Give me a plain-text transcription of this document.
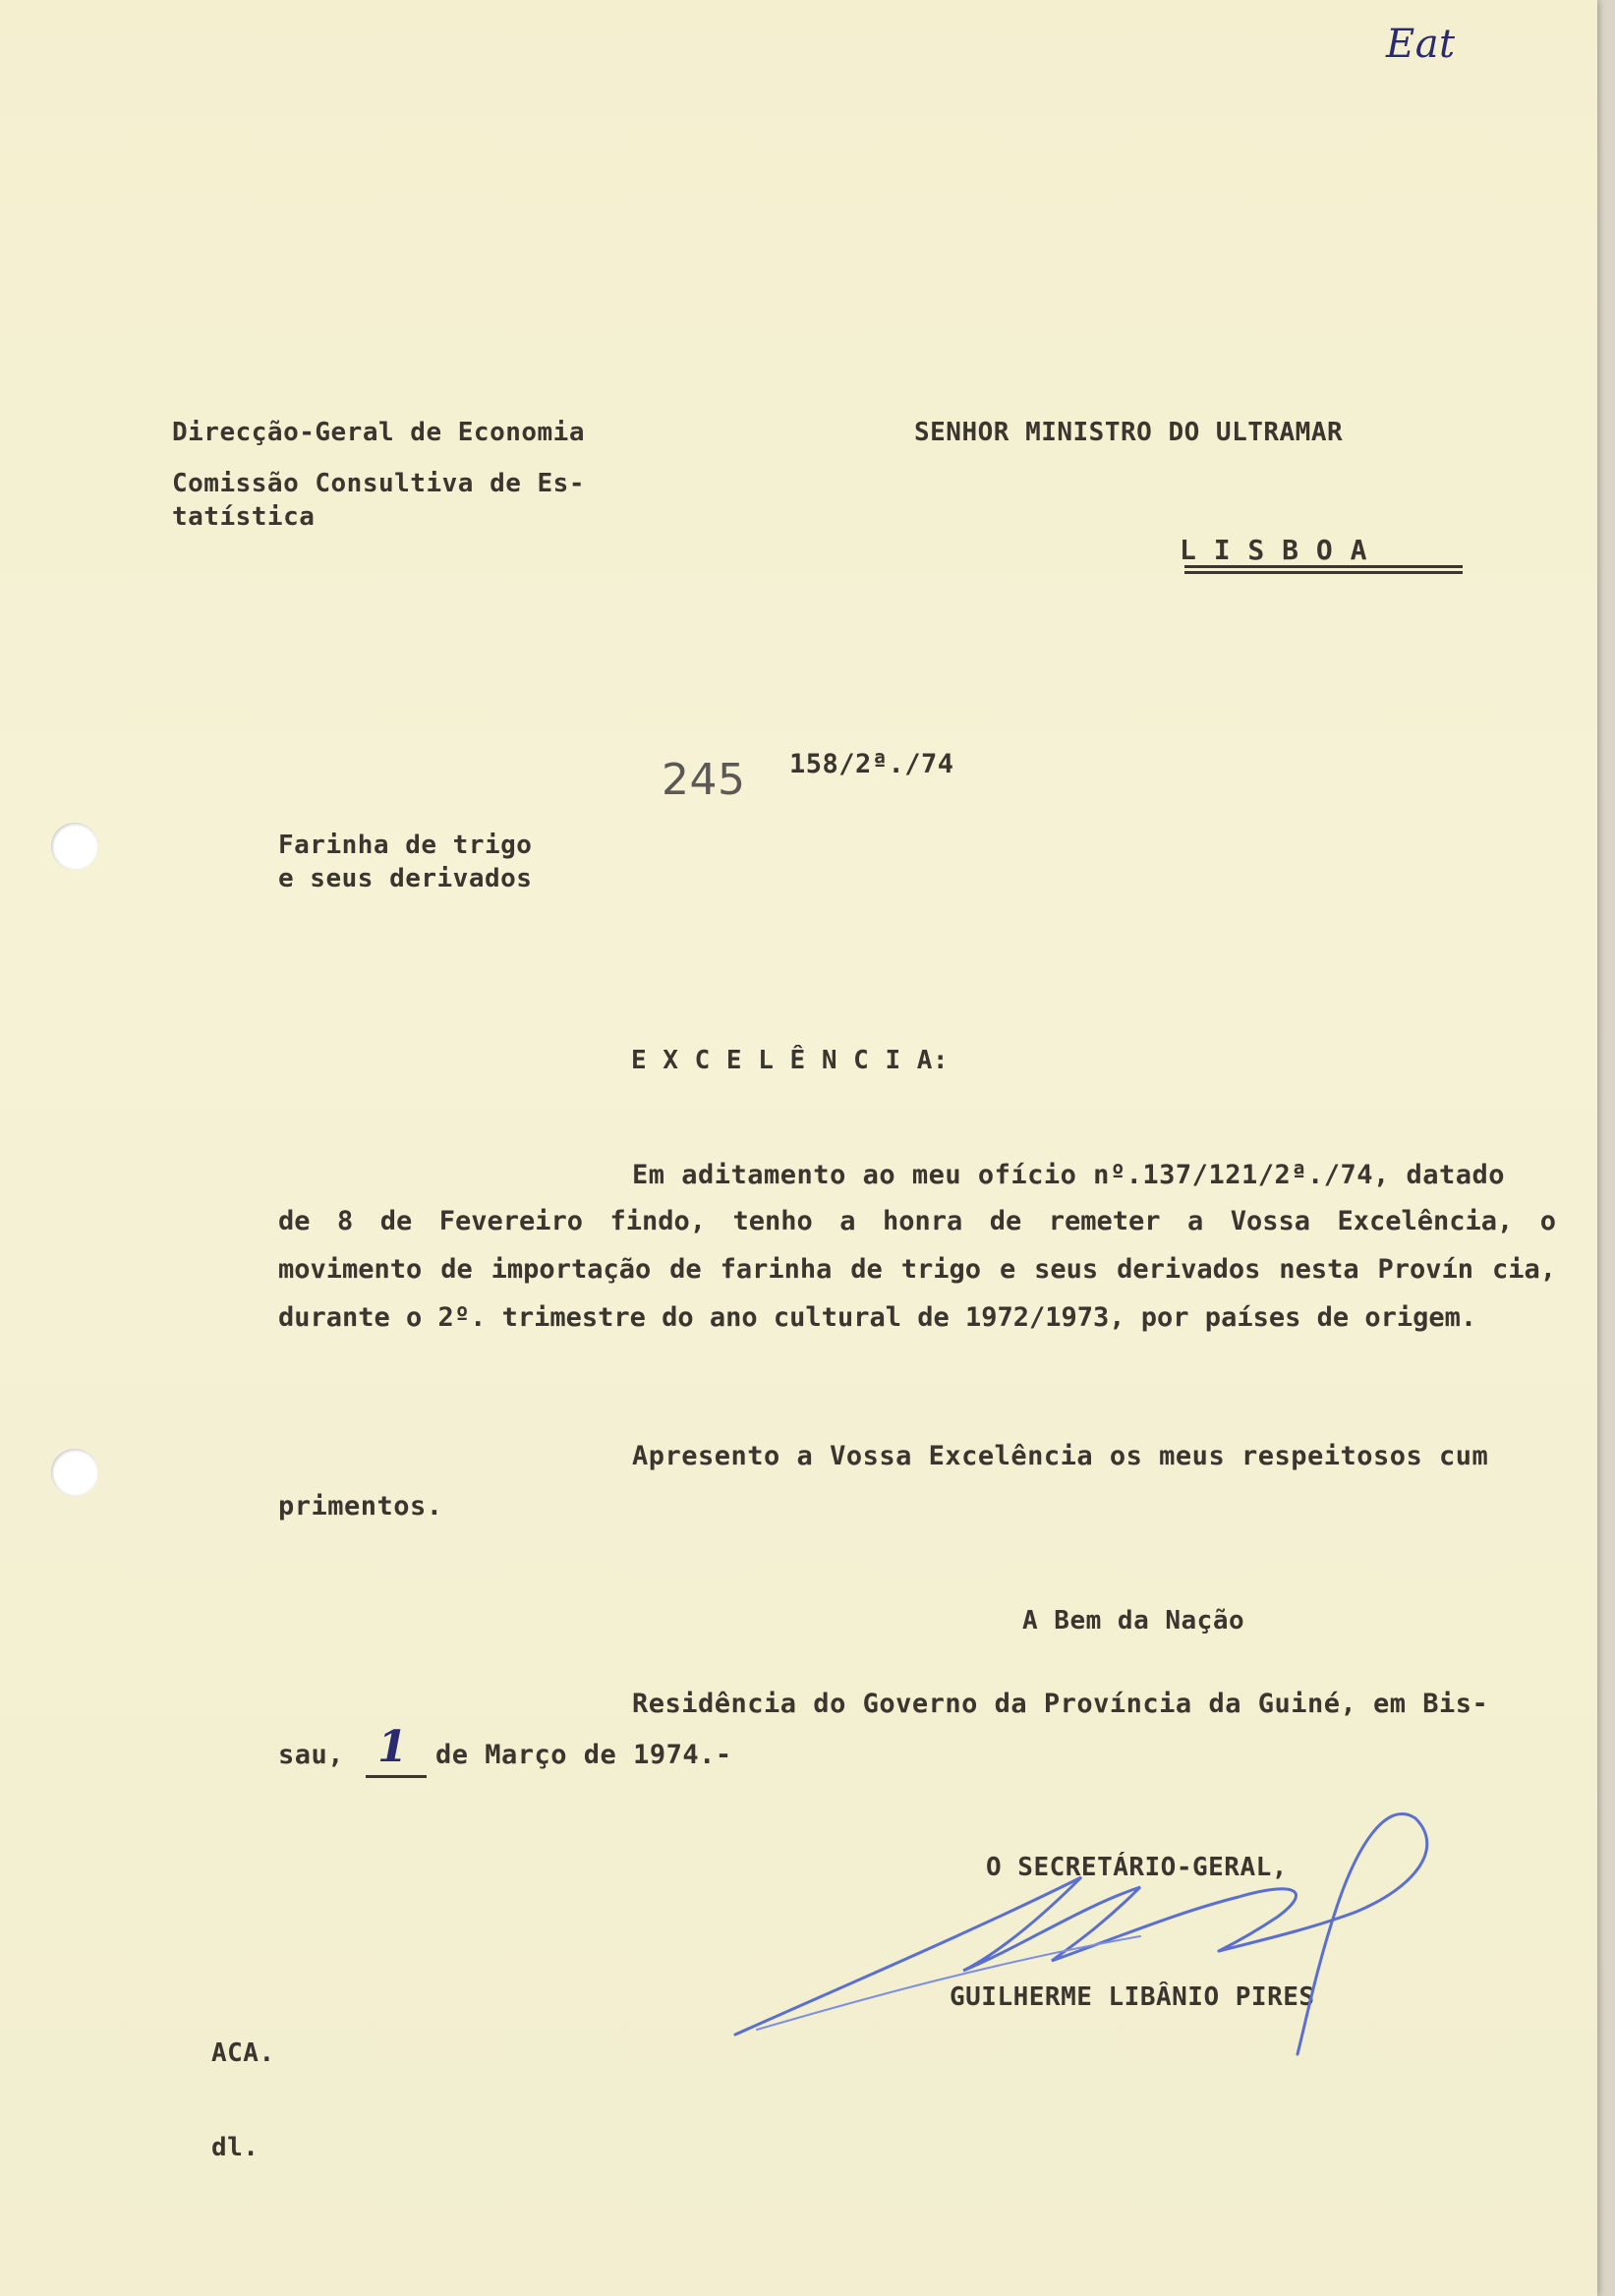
Eat
Direcção-Geral de Economia
Comissão Consultiva de Es-
tatística
SENHOR MINISTRO DO ULTRAMAR
L I S B O A
245 158/2ª./74
Farinha de trigo
e seus derivados
E X C E L Ê N C I A:
Em aditamento ao meu ofício nº.137/121/2ª./74, datado
de 8 de Fevereiro findo, tenho a honra de remeter a Vossa Excelência, o movimento de importação de farinha de trigo e seus derivados nesta Provín cia, durante o 2º. trimestre do ano cultural de 1972/1973, por países de origem.
Apresento a Vossa Excelência os meus respeitosos cum
primentos.
A Bem da Nação
Residência do Governo da Província da Guiné, em Bis-
sau, 1 de Março de 1974.-
O SECRETÁRIO-GERAL,
GUILHERME LIBÂNIO PIRES
ACA.
dl.
